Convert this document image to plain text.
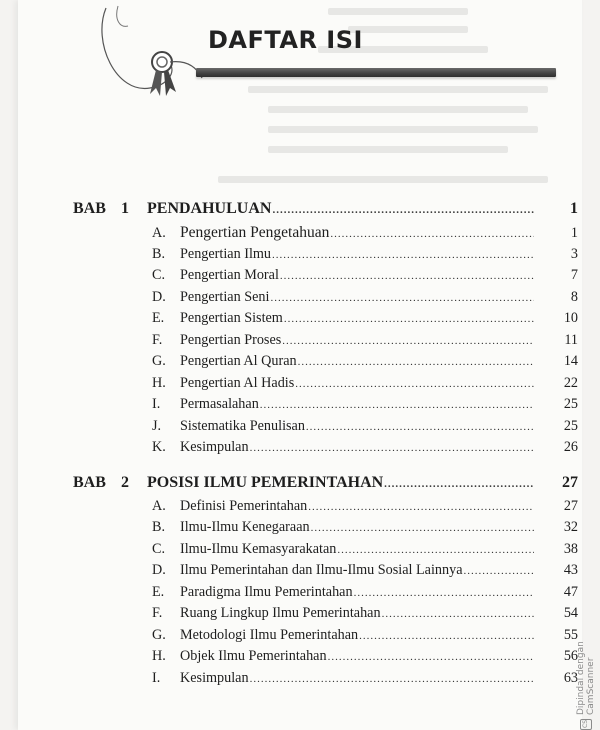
DAFTAR ISI
BAB 1	PENDAHULUAN .....	1
A. Pengertian Pengetahuan .....	1
B.	Pengertian Ilmu .....	3
C.	Pengertian Moral .....	7
D.	Pengertian Seni .....	8
E.	Pengertian Sistem .....	10
F.	Pengertian Proses .....	11
G.	Pengertian Al Quran .....	14
H.	Pengertian Al Hadis .....	22
I.	Permasalahan .....	25
J.	Sistematika Penulisan .....	25
K.	Kesimpulan .....	26
BAB 2	POSISI ILMU PEMERINTAHAN .....	27
A.	Definisi Pemerintahan .....	27
B.	Ilmu-Ilmu Kenegaraan .....	32
C.	Ilmu-Ilmu Kemasyarakatan .....	38
D.	Ilmu Pemerintahan dan Ilmu-Ilmu Sosial Lainnya .....	43
E.	Paradigma Ilmu Pemerintahan .....	47
F.	Ruang Lingkup Ilmu Pemerintahan .....	54
G.	Metodologi Ilmu Pemerintahan .....	55
H.	Objek Ilmu Pemerintahan .....	56
I.	Kesimpulan .....	63
CS
Dipindai dengan CamScanner
